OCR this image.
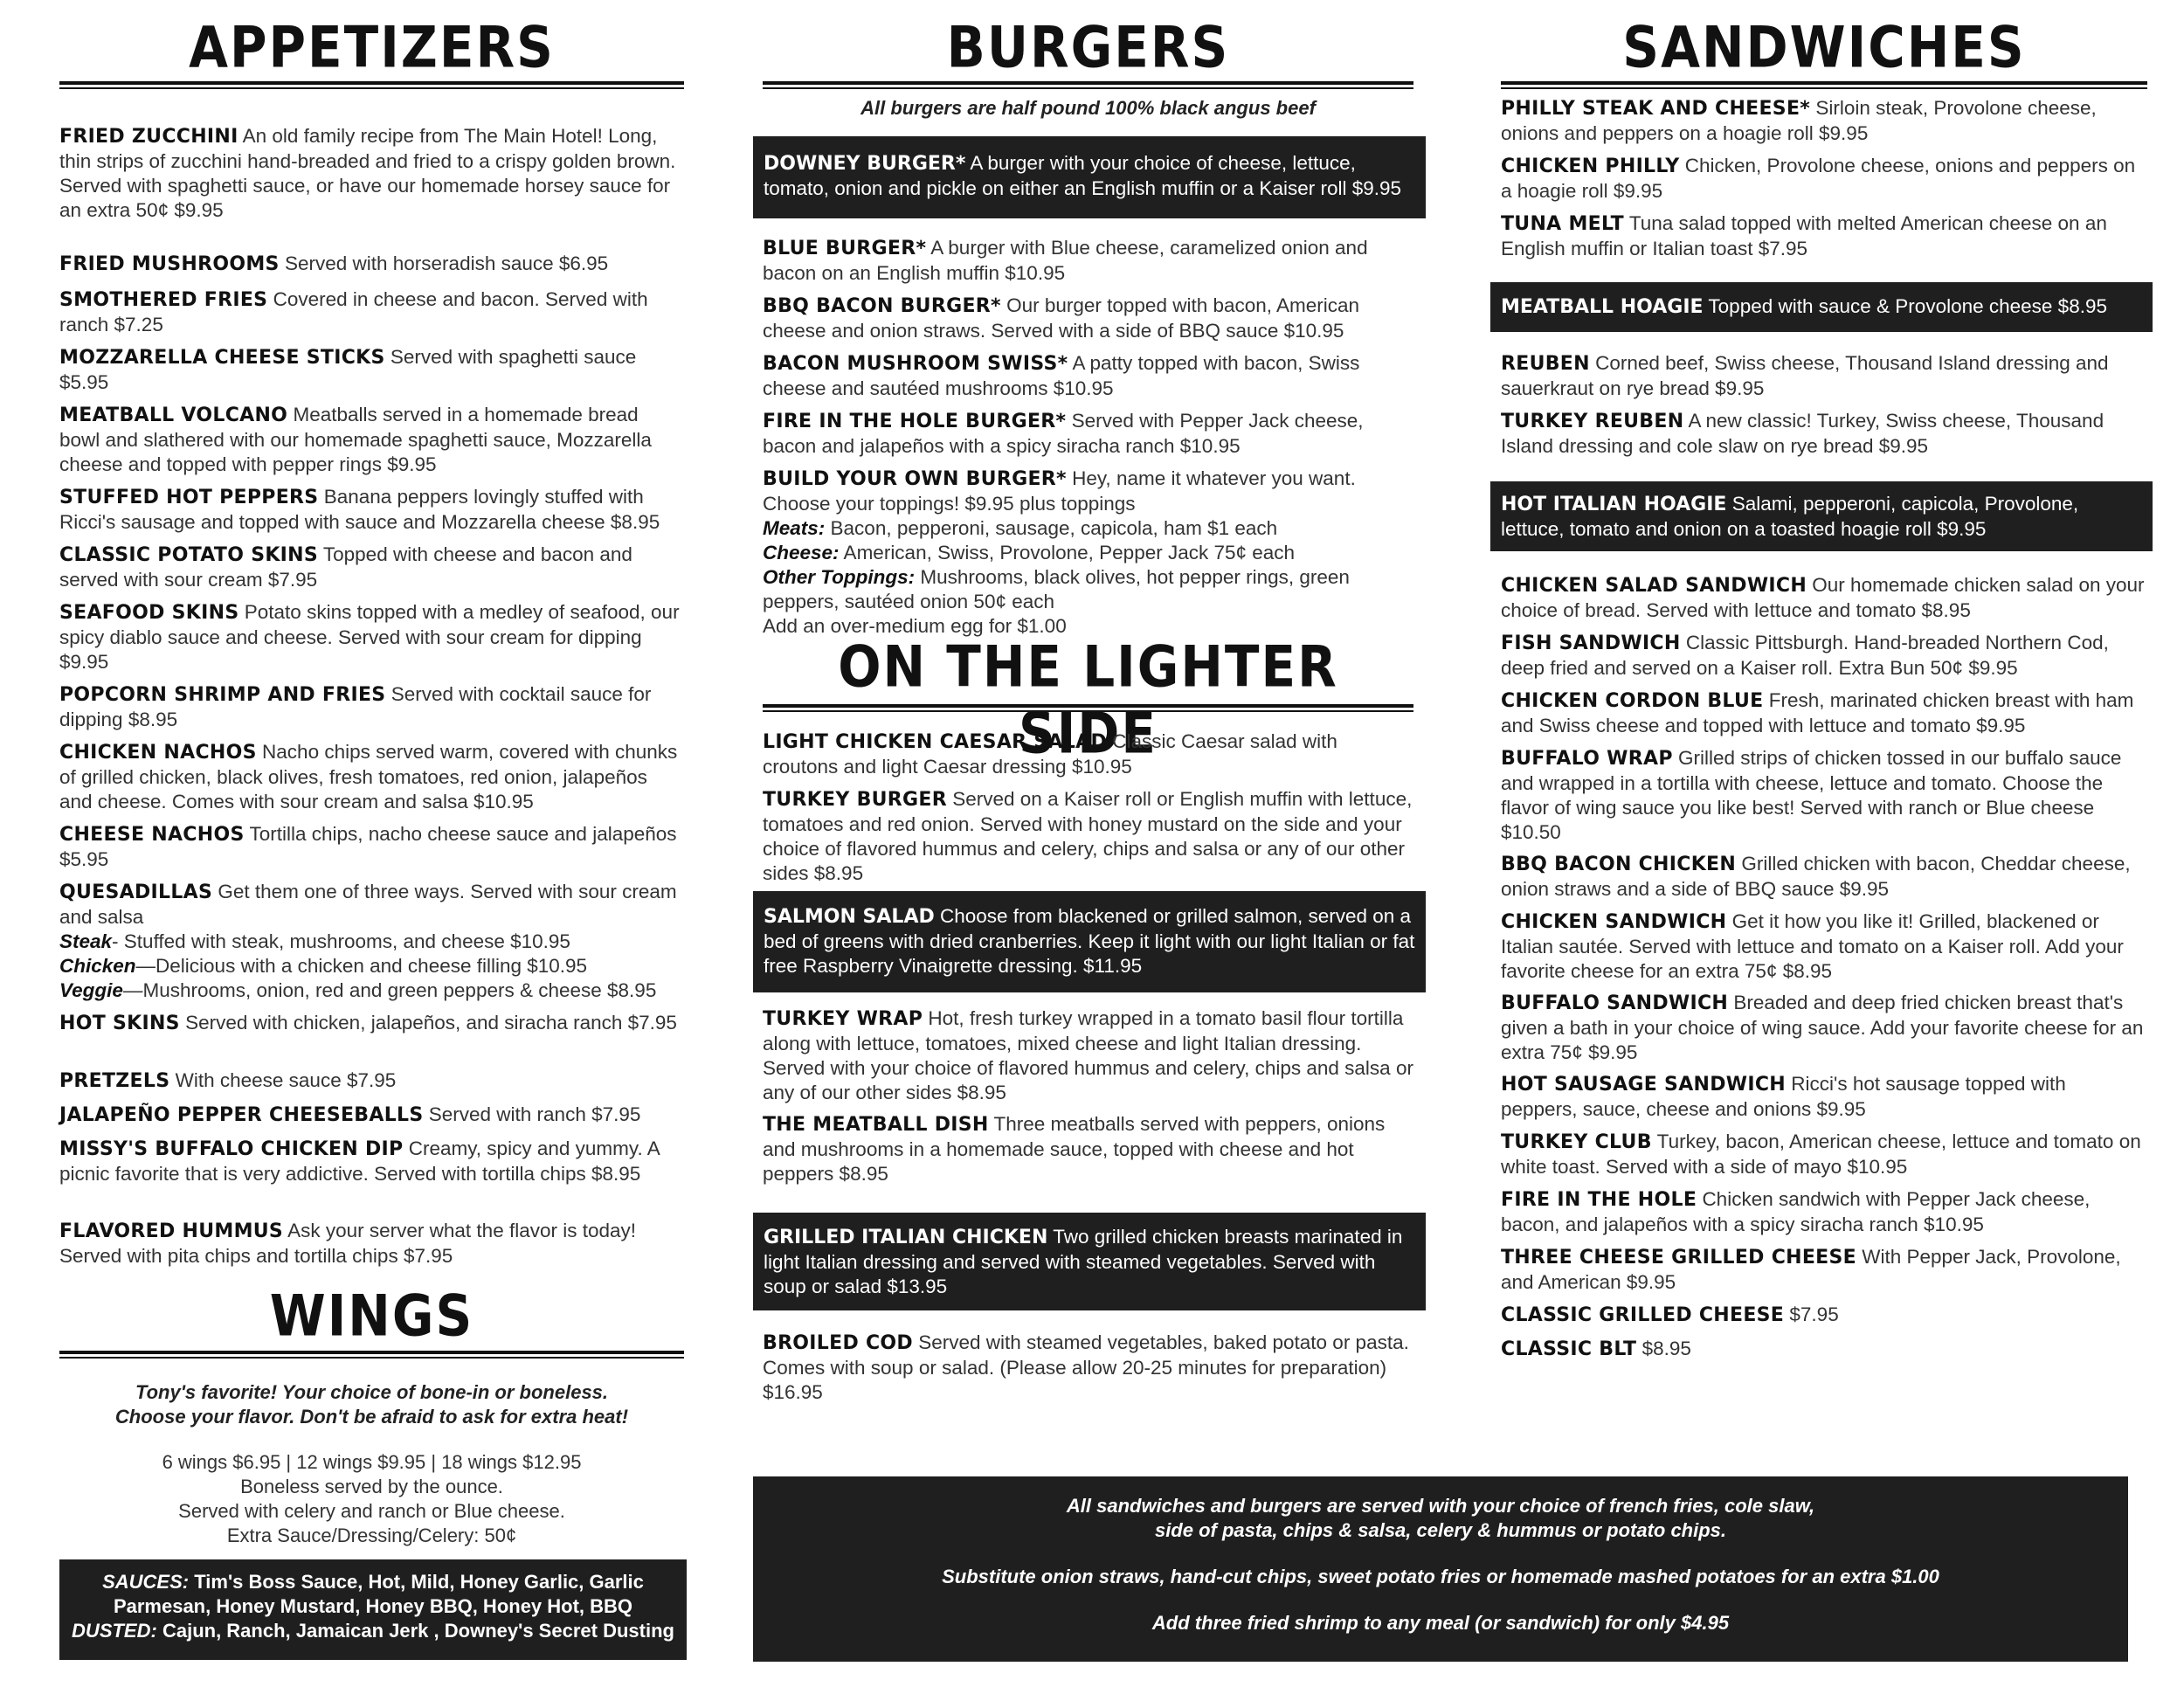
APPETIZERS
FRIED ZUCCHINI An old family recipe from The Main Hotel! Long, thin strips of zucchini hand-breaded and fried to a crispy golden brown. Served with spaghetti sauce, or have our homemade horsey sauce for an extra 50¢ $9.95
FRIED MUSHROOMS Served with horseradish sauce $6.95
SMOTHERED FRIES Covered in cheese and bacon. Served with ranch $7.25
MOZZARELLA CHEESE STICKS Served with spaghetti sauce $5.95
MEATBALL VOLCANO Meatballs served in a homemade bread bowl and slathered with our homemade spaghetti sauce, Mozzarella cheese and topped with pepper rings $9.95
STUFFED HOT PEPPERS Banana peppers lovingly stuffed with Ricci's sausage and topped with sauce and Mozzarella cheese $8.95
CLASSIC POTATO SKINS Topped with cheese and bacon and served with sour cream $7.95
SEAFOOD SKINS Potato skins topped with a medley of seafood, our spicy diablo sauce and cheese. Served with sour cream for dipping $9.95
POPCORN SHRIMP AND FRIES Served with cocktail sauce for dipping $8.95
CHICKEN NACHOS Nacho chips served warm, covered with chunks of grilled chicken, black olives, fresh tomatoes, red onion, jalapeños and cheese. Comes with sour cream and salsa $10.95
CHEESE NACHOS Tortilla chips, nacho cheese sauce and jalapeños $5.95
QUESADILLAS Get them one of three ways. Served with sour cream and salsa
Steak- Stuffed with steak, mushrooms, and cheese $10.95
Chicken—Delicious with a chicken and cheese filling $10.95
Veggie—Mushrooms, onion, red and green peppers & cheese $8.95
HOT SKINS Served with chicken, jalapeños, and siracha ranch $7.95
PRETZELS With cheese sauce $7.95
JALAPEÑO PEPPER CHEESEBALLS Served with ranch $7.95
MISSY'S BUFFALO CHICKEN DIP Creamy, spicy and yummy. A picnic favorite that is very addictive. Served with tortilla chips $8.95
FLAVORED HUMMUS Ask your server what the flavor is today! Served with pita chips and tortilla chips $7.95
WINGS
Tony's favorite! Your choice of bone-in or boneless.
Choose your flavor. Don't be afraid to ask for extra heat!
6 wings $6.95 | 12 wings $9.95 | 18 wings $12.95
Boneless served by the ounce.
Served with celery and ranch or Blue cheese.
Extra Sauce/Dressing/Celery: 50¢
SAUCES: Tim's Boss Sauce, Hot, Mild, Honey Garlic, Garlic Parmesan, Honey Mustard, Honey BBQ, Honey Hot, BBQ
DUSTED: Cajun, Ranch, Jamaican Jerk , Downey's Secret Dusting
BURGERS
All burgers are half pound 100% black angus beef
DOWNEY BURGER* A burger with your choice of cheese, lettuce, tomato, onion and pickle on either an English muffin or a Kaiser roll $9.95
BLUE BURGER* A burger with Blue cheese, caramelized onion and bacon on an English muffin $10.95
BBQ BACON BURGER* Our burger topped with bacon, American cheese and onion straws. Served with a side of BBQ sauce $10.95
BACON MUSHROOM SWISS* A patty topped with bacon, Swiss cheese and sautéed mushrooms $10.95
FIRE IN THE HOLE BURGER* Served with Pepper Jack cheese, bacon and jalapeños with a spicy siracha ranch $10.95
BUILD YOUR OWN BURGER* Hey, name it whatever you want. Choose your toppings! $9.95 plus toppings
Meats: Bacon, pepperoni, sausage, capicola, ham $1 each
Cheese: American, Swiss, Provolone, Pepper Jack 75¢ each
Other Toppings: Mushrooms, black olives, hot pepper rings, green peppers, sautéed onion 50¢ each
Add an over-medium egg for $1.00
ON THE LIGHTER SIDE
LIGHT CHICKEN CAESAR SALAD Classic Caesar salad with croutons and light Caesar dressing $10.95
TURKEY BURGER Served on a Kaiser roll or English muffin with lettuce, tomatoes and red onion. Served with honey mustard on the side and your choice of flavored hummus and celery, chips and salsa or any of our other sides $8.95
SALMON SALAD Choose from blackened or grilled salmon, served on a bed of greens with dried cranberries. Keep it light with our light Italian or fat free Raspberry Vinaigrette dressing. $11.95
TURKEY WRAP Hot, fresh turkey wrapped in a tomato basil flour tortilla along with lettuce, tomatoes, mixed cheese and light Italian dressing. Served with your choice of flavored hummus and celery, chips and salsa or any of our other sides $8.95
THE MEATBALL DISH Three meatballs served with peppers, onions and mushrooms in a homemade sauce, topped with cheese and hot peppers $8.95
GRILLED ITALIAN CHICKEN Two grilled chicken breasts marinated in light Italian dressing and served with steamed vegetables. Served with soup or salad $13.95
BROILED COD Served with steamed vegetables, baked potato or pasta. Comes with soup or salad. (Please allow 20-25 minutes for preparation) $16.95
SANDWICHES
PHILLY STEAK AND CHEESE* Sirloin steak, Provolone cheese, onions and peppers on a hoagie roll $9.95
CHICKEN PHILLY Chicken, Provolone cheese, onions and peppers on a hoagie roll $9.95
TUNA MELT Tuna salad topped with melted American cheese on an English muffin or Italian toast $7.95
MEATBALL HOAGIE Topped with sauce & Provolone cheese $8.95
REUBEN Corned beef, Swiss cheese, Thousand Island dressing and sauerkraut on rye bread $9.95
TURKEY REUBEN A new classic! Turkey, Swiss cheese, Thousand Island dressing and cole slaw on rye bread $9.95
HOT ITALIAN HOAGIE Salami, pepperoni, capicola, Provolone, lettuce, tomato and onion on a toasted hoagie roll $9.95
CHICKEN SALAD SANDWICH Our homemade chicken salad on your choice of bread. Served with lettuce and tomato $8.95
FISH SANDWICH Classic Pittsburgh. Hand-breaded Northern Cod, deep fried and served on a Kaiser roll. Extra Bun 50¢ $9.95
CHICKEN CORDON BLUE Fresh, marinated chicken breast with ham and Swiss cheese and topped with lettuce and tomato $9.95
BUFFALO WRAP Grilled strips of chicken tossed in our buffalo sauce and wrapped in a tortilla with cheese, lettuce and tomato. Choose the flavor of wing sauce you like best! Served with ranch or Blue cheese $10.50
BBQ BACON CHICKEN Grilled chicken with bacon, Cheddar cheese, onion straws and a side of BBQ sauce $9.95
CHICKEN SANDWICH Get it how you like it! Grilled, blackened or Italian sautée. Served with lettuce and tomato on a Kaiser roll. Add your favorite cheese for an extra 75¢ $8.95
BUFFALO SANDWICH Breaded and deep fried chicken breast that's given a bath in your choice of wing sauce. Add your favorite cheese for an extra 75¢ $9.95
HOT SAUSAGE SANDWICH Ricci's hot sausage topped with peppers, sauce, cheese and onions $9.95
TURKEY CLUB Turkey, bacon, American cheese, lettuce and tomato on white toast. Served with a side of mayo $10.95
FIRE IN THE HOLE Chicken sandwich with Pepper Jack cheese, bacon, and jalapeños with a spicy siracha ranch $10.95
THREE CHEESE GRILLED CHEESE With Pepper Jack, Provolone, and American $9.95
CLASSIC GRILLED CHEESE $7.95
CLASSIC BLT $8.95
All sandwiches and burgers are served with your choice of french fries, cole slaw,
side of pasta, chips & salsa, celery & hummus or potato chips.
Substitute onion straws, hand-cut chips, sweet potato fries or homemade mashed potatoes for an extra $1.00
Add three fried shrimp to any meal (or sandwich) for only $4.95
